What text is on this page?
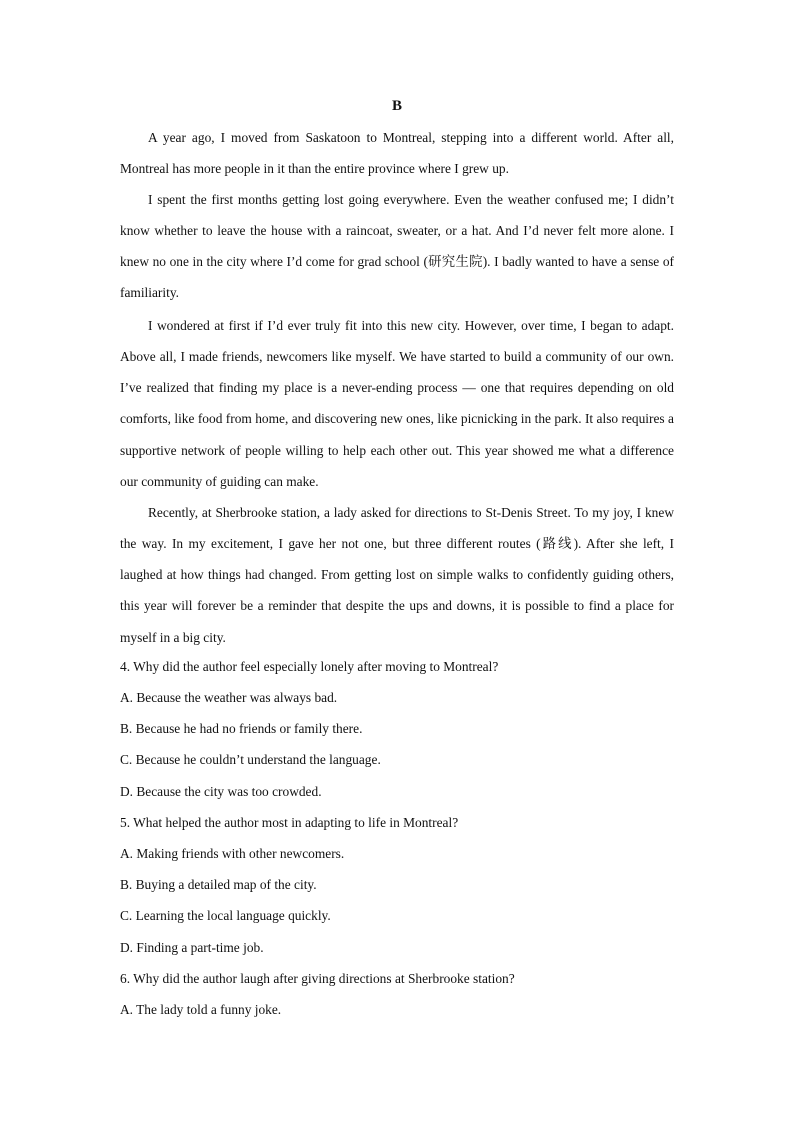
B

A year ago, I moved from Saskatoon to Montreal, stepping into a different world. After all, Montreal has more people in it than the entire province where I grew up.

I spent the first months getting lost going everywhere. Even the weather confused me; I didn’t know whether to leave the house with a raincoat, sweater, or a hat. And I’d never felt more alone. I knew no one in the city where I’d come for grad school (研究生院). I badly wanted to have a sense of familiarity.

I wondered at first if I’d ever truly fit into this new city. However, over time, I began to adapt. Above all, I made friends, newcomers like myself. We have started to build a community of our own. I’ve realized that finding my place is a never-ending process — one that requires depending on old comforts, like food from home, and discovering new ones, like picnicking in the park. It also requires a supportive network of people willing to help each other out. This year showed me what a difference our community of guiding can make.

Recently, at Sherbrooke station, a lady asked for directions to St-Denis Street. To my joy, I knew the way. In my excitement, I gave her not one, but three different routes (路线). After she left, I laughed at how things had changed. From getting lost on simple walks to confidently guiding others, this year will forever be a reminder that despite the ups and downs, it is possible to find a place for myself in a big city.

4. Why did the author feel especially lonely after moving to Montreal?
A. Because the weather was always bad.
B. Because he had no friends or family there.
C. Because he couldn’t understand the language.
D. Because the city was too crowded.
5. What helped the author most in adapting to life in Montreal?
A. Making friends with other newcomers.
B. Buying a detailed map of the city.
C. Learning the local language quickly.
D. Finding a part-time job.
6. Why did the author laugh after giving directions at Sherbrooke station?
A. The lady told a funny joke.
